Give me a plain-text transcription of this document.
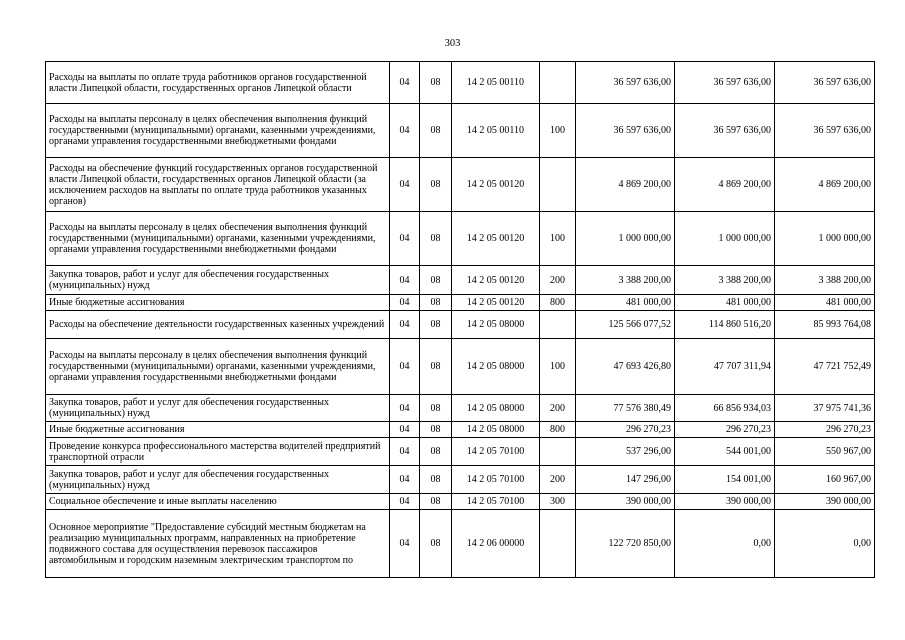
303
Расходы на выплаты по оплате труда работников органов государственной власти Липецкой области, государственных органов Липецкой области	04	08	14 2 05 00110		36 597 636,00	36 597 636,00	36 597 636,00
Расходы на выплаты персоналу в целях обеспечения выполнения функций государственными (муниципальными) органами, казенными учреждениями, органами управления государственными внебюджетными фондами	04	08	14 2 05 00110	100	36 597 636,00	36 597 636,00	36 597 636,00
Расходы на обеспечение функций государственных органов государственной власти Липецкой области, государственных органов Липецкой области (за исключением расходов на выплаты по оплате труда работников указанных органов)	04	08	14 2 05 00120		4 869 200,00	4 869 200,00	4 869 200,00
Расходы на выплаты персоналу в целях обеспечения выполнения функций государственными (муниципальными) органами, казенными учреждениями, органами управления государственными внебюджетными фондами	04	08	14 2 05 00120	100	1 000 000,00	1 000 000,00	1 000 000,00
Закупка товаров, работ и услуг для обеспечения государственных (муниципальных) нужд	04	08	14 2 05 00120	200	3 388 200,00	3 388 200,00	3 388 200,00
Иные бюджетные ассигнования	04	08	14 2 05 00120	800	481 000,00	481 000,00	481 000,00
Расходы на обеспечение деятельности государственных казенных учреждений	04	08	14 2 05 08000		125 566 077,52	114 860 516,20	85 993 764,08
Расходы на выплаты персоналу в целях обеспечения выполнения функций государственными (муниципальными) органами, казенными учреждениями, органами управления государственными внебюджетными фондами	04	08	14 2 05 08000	100	47 693 426,80	47 707 311,94	47 721 752,49
Закупка товаров, работ и услуг для обеспечения государственных (муниципальных) нужд	04	08	14 2 05 08000	200	77 576 380,49	66 856 934,03	37 975 741,36
Иные бюджетные ассигнования	04	08	14 2 05 08000	800	296 270,23	296 270,23	296 270,23
Проведение конкурса профессионального мастерства водителей предприятий транспортной отрасли	04	08	14 2 05 70100		537 296,00	544 001,00	550 967,00
Закупка товаров, работ и услуг для обеспечения государственных (муниципальных) нужд	04	08	14 2 05 70100	200	147 296,00	154 001,00	160 967,00
Социальное обеспечение и иные выплаты населению	04	08	14 2 05 70100	300	390 000,00	390 000,00	390 000,00
Основное мероприятие "Предоставление субсидий местным бюджетам на реализацию муниципальных программ, направленных на приобретение подвижного состава для осуществления перевозок пассажиров автомобильным и городским наземным электрическим транспортом по	04	08	14 2 06 00000		122 720 850,00	0,00	0,00
